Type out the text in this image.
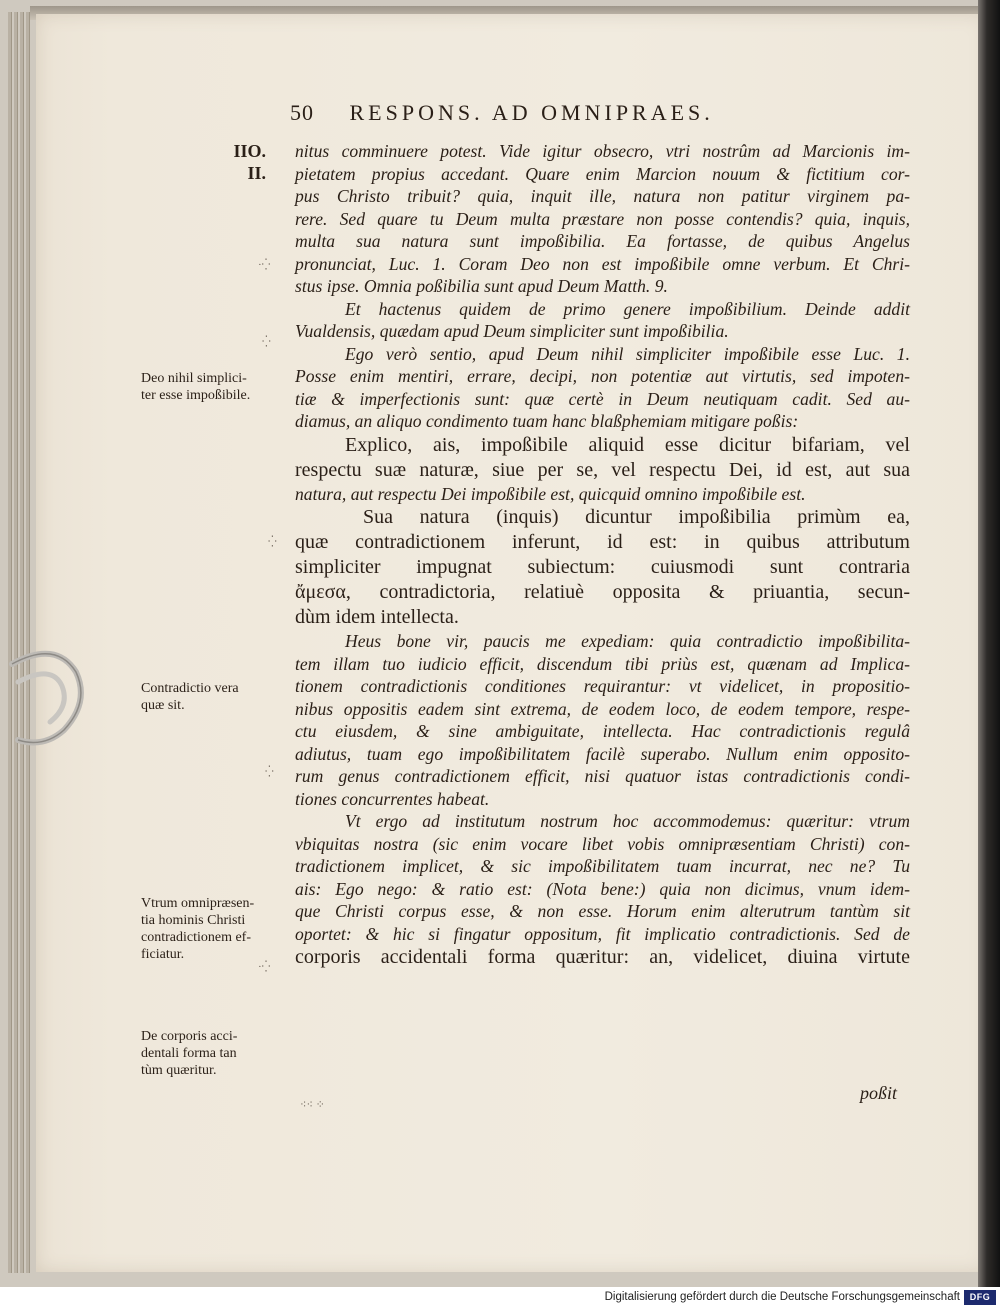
50 RESPONS. AD OMNIPRAES.
IIO.
II.
Deo nihil simplici-
ter esse impoßibile.
Contradictio vera
quæ sit.
Vtrum omnipræsen-
tia hominis Christi
contradictionem ef-
ficiatur.
De corporis acci-
dentali forma tan
tùm quæritur.
nitus comminuere potest. Vide igitur obsecro, vtri nostrûm ad Marcionis im-
pietatem propius accedant. Quare enim Marcion nouum & fictitium cor-
pus Christo tribuit? quia, inquit ille, natura non patitur virginem pa-
rere. Sed quare tu Deum multa præstare non posse contendis? quia, inquis,
multa sua natura sunt impoßibilia. Ea fortasse, de quibus Angelus
pronunciat, Luc. 1. Coram Deo non est impoßibile omne verbum. Et Chri-
stus ipse. Omnia poßibilia sunt apud Deum Matth. 9.
Et hactenus quidem de primo genere impoßibilium. Deinde addit
Vualdensis, quædam apud Deum simpliciter sunt impoßibilia.
Ego verò sentio, apud Deum nihil simpliciter impoßibile esse Luc. 1.
Posse enim mentiri, errare, decipi, non potentiæ aut virtutis, sed impoten-
tiæ & imperfectionis sunt: quæ certè in Deum neutiquam cadit. Sed au-
diamus, an aliquo condimento tuam hanc blaßphemiam mitigare poßis:
Explico, ais, impoßibile aliquid esse dicitur bifariam, vel
respectu suæ naturæ, siue per se, vel respectu Dei, id est, aut sua
natura, aut respectu Dei impoßibile est, quicquid omnino impoßibile est.
Sua natura (inquis) dicuntur impoßibilia primùm ea,
quæ contradictionem inferunt, id est: in quibus attributum
simpliciter impugnat subiectum: cuiusmodi sunt contraria
ἄμεσα, contradictoria, relatiuè opposita & priuantia, secun-
dùm idem intellecta.
Heus bone vir, paucis me expediam: quia contradictio impoßibilita-
tem illam tuo iudicio efficit, discendum tibi priùs est, quænam ad Implica-
tionem contradictionis conditiones requirantur: vt videlicet, in propositio-
nibus oppositis eadem sint extrema, de eodem loco, de eodem tempore, respe-
ctu eiusdem, & sine ambiguitate, intellecta. Hac contradictionis regulâ
adiutus, tuam ego impoßibilitatem facilè superabo. Nullum enim opposito-
rum genus contradictionem efficit, nisi quatuor istas contradictionis condi-
tiones concurrentes habeat.
Vt ergo ad institutum nostrum hoc accommodemus: quæritur: vtrum
vbiquitas nostra (sic enim vocare libet vobis omnipræsentiam Christi) con-
tradictionem implicet, & sic impoßibilitatem tuam incurrat, nec ne? Tu
ais: Ego nego: & ratio est: (Nota bene:) quia non dicimus, vnum idem-
que Christi corpus esse, & non esse. Horum enim alterutrum tantùm sit
oportet: & hic si fingatur oppositum, fit implicatio contradictionis. Sed de
corporis accidentali forma quæritur: an, videlicet, diuina virtute
poßit
·⁛
⁛
⁛
⁛
·⁛
⁖⁖ ⁘
Digitalisierung gefördert durch die Deutsche Forschungsgemeinschaft	DFG
